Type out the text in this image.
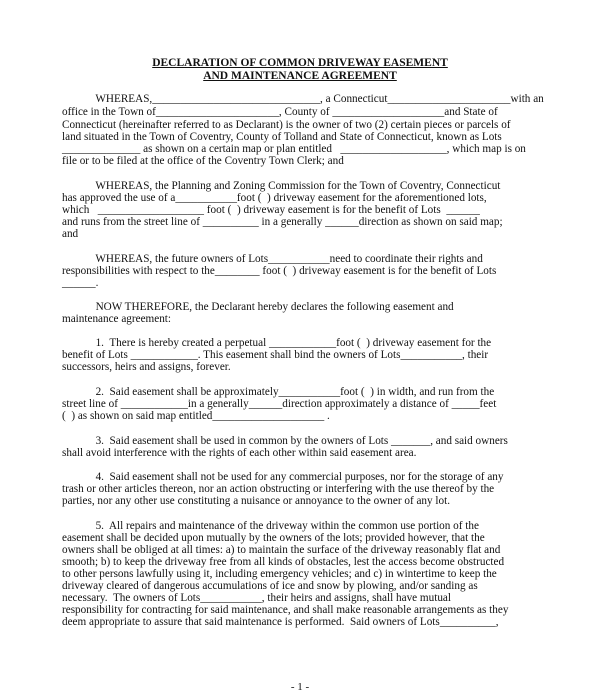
DECLARATION OF COMMON DRIVEWAY EASEMENT
AND MAINTENANCE AGREEMENT
WHEREAS,______________________________, a Connecticut______________________with an
office in the Town of______________________, County of ____________________and State of
Connecticut (hereinafter referred to as Declarant) is the owner of two (2) certain pieces or parcels of
land situated in the Town of Coventry, County of Tolland and State of Connecticut, known as Lots
______________ as shown on a certain map or plan entitled   ___________________, which map is on
file or to be filed at the office of the Coventry Town Clerk; and
WHEREAS, the Planning and Zoning Commission for the Town of Coventry, Connecticut
has approved the use of a___________foot (  ) driveway easement for the aforementioned lots,
which   ___________________ foot (  ) driveway easement is for the benefit of Lots  ______
and runs from the street line of __________ in a generally ______direction as shown on said map;
and
WHEREAS, the future owners of Lots___________need to coordinate their rights and
responsibilities with respect to the________ foot (  ) driveway easement is for the benefit of Lots
______.
NOW THEREFORE, the Declarant hereby declares the following easement and
maintenance agreement:
1.  There is hereby created a perpetual ____________foot (  ) driveway easement for the
benefit of Lots ____________. This easement shall bind the owners of Lots___________, their
successors, heirs and assigns, forever.
2.  Said easement shall be approximately___________foot (  ) in width, and run from the
street line of ____________in a generally______direction approximately a distance of _____feet
(  ) as shown on said map entitled____________________ .
3.  Said easement shall be used in common by the owners of Lots _______, and said owners
shall avoid interference with the rights of each other within said easement area.
4.  Said easement shall not be used for any commercial purposes, nor for the storage of any
trash or other articles thereon, nor an action obstructing or interfering with the use thereof by the
parties, nor any other use constituting a nuisance or annoyance to the owner of any lot.
5.  All repairs and maintenance of the driveway within the common use portion of the
easement shall be decided upon mutually by the owners of the lots; provided however, that the
owners shall be obliged at all times: a) to maintain the surface of the driveway reasonably flat and
smooth; b) to keep the driveway free from all kinds of obstacles, lest the access become obstructed
to other persons lawfully using it, including emergency vehicles; and c) in wintertime to keep the
driveway cleared of dangerous accumulations of ice and snow by plowing, and/or sanding as
necessary.  The owners of Lots___________, their heirs and assigns, shall have mutual
responsibility for contracting for said maintenance, and shall make reasonable arrangements as they
deem appropriate to assure that said maintenance is performed.  Said owners of Lots__________,
- 1 -
